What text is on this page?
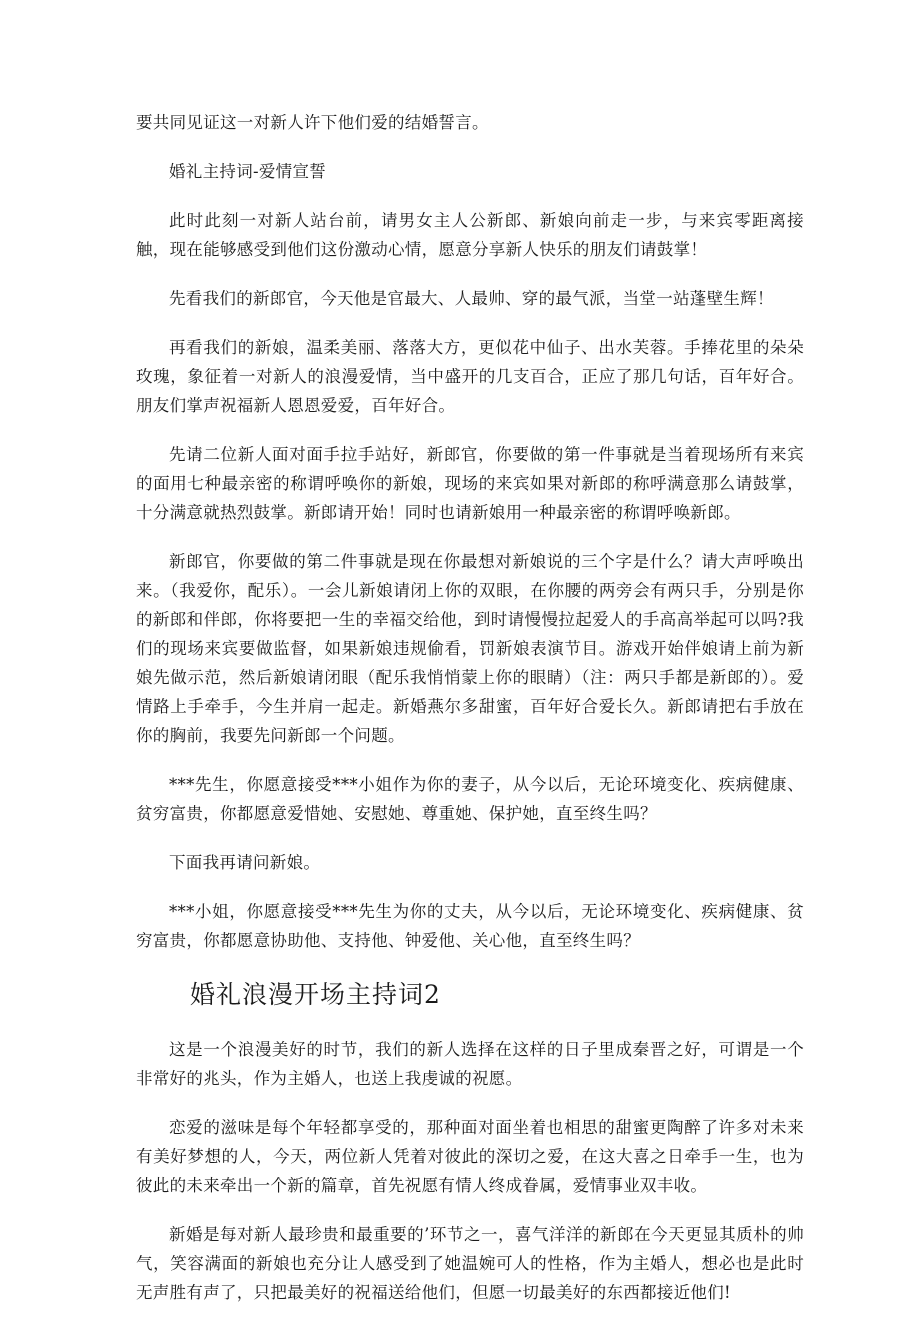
要共同见证这一对新人许下他们爱的结婚誓言。

婚礼主持词-爱情宣誓

此时此刻一对新人站台前，请男女主人公新郎、新娘向前走一步，与来宾零距离接触，现在能够感受到他们这份激动心情，愿意分享新人快乐的朋友们请鼓掌！

先看我们的新郎官，今天他是官最大、人最帅、穿的最气派，当堂一站蓬壁生辉！

再看我们的新娘，温柔美丽、落落大方，更似花中仙子、出水芙蓉。手捧花里的朵朵玫瑰，象征着一对新人的浪漫爱情，当中盛开的几支百合，正应了那几句话，百年好合。朋友们掌声祝福新人恩恩爱爱，百年好合。

先请二位新人面对面手拉手站好，新郎官，你要做的第一件事就是当着现场所有来宾的面用七种最亲密的称谓呼唤你的新娘，现场的来宾如果对新郎的称呼满意那么请鼓掌，十分满意就热烈鼓掌。新郎请开始！同时也请新娘用一种最亲密的称谓呼唤新郎。

新郎官，你要做的第二件事就是现在你最想对新娘说的三个字是什么？请大声呼唤出来。（我爱你，配乐）。一会儿新娘请闭上你的双眼，在你腰的两旁会有两只手，分别是你的新郎和伴郎，你将要把一生的幸福交给他，到时请慢慢拉起爱人的手高高举起可以吗?我们的现场来宾要做监督，如果新娘违规偷看，罚新娘表演节目。游戏开始伴娘请上前为新娘先做示范，然后新娘请闭眼（配乐我悄悄蒙上你的眼睛）（注：两只手都是新郎的）。爱情路上手牵手，今生并肩一起走。新婚燕尔多甜蜜，百年好合爱长久。新郎请把右手放在你的胸前，我要先问新郎一个问题。

***先生，你愿意接受***小姐作为你的妻子，从今以后，无论环境变化、疾病健康、贫穷富贵，你都愿意爱惜她、安慰她、尊重她、保护她，直至终生吗？

下面我再请问新娘。

***小姐，你愿意接受***先生为你的丈夫，从今以后，无论环境变化、疾病健康、贫穷富贵，你都愿意协助他、支持他、钟爱他、关心他，直至终生吗？

婚礼浪漫开场主持词2

这是一个浪漫美好的时节，我们的新人选择在这样的日子里成秦晋之好，可谓是一个非常好的兆头，作为主婚人，也送上我虔诚的祝愿。

恋爱的滋味是每个年轻都享受的，那种面对面坐着也相思的甜蜜更陶醉了许多对未来有美好梦想的人，今天，两位新人凭着对彼此的深切之爱，在这大喜之日牵手一生，也为彼此的未来牵出一个新的篇章，首先祝愿有情人终成眷属，爱情事业双丰收。

新婚是每对新人最珍贵和最重要的’环节之一，喜气洋洋的新郎在今天更显其质朴的帅气，笑容满面的新娘也充分让人感受到了她温婉可人的性格，作为主婚人，想必也是此时无声胜有声了，只把最美好的祝福送给他们，但愿一切最美好的东西都接近他们!
